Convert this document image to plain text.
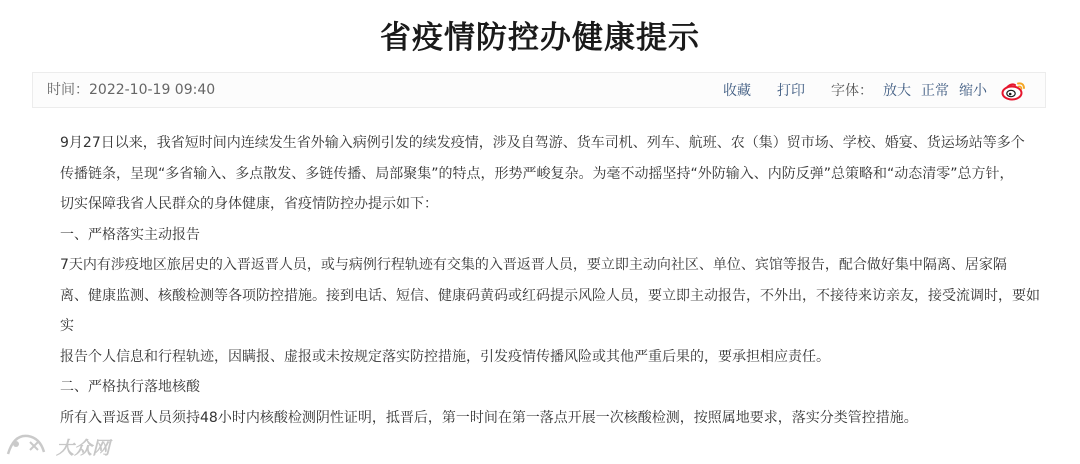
省疫情防控办健康提示
时间：2022-10-19 09:40	收藏 打印 字体： 放大 正常 缩小

9月27日以来，我省短时间内连续发生省外输入病例引发的续发疫情，涉及自驾游、货车司机、列车、航班、农（集）贸市场、学校、婚宴、货运场站等多个

传播链条，呈现“多省输入、多点散发、多链传播、局部聚集”的特点，形势严峻复杂。为毫不动摇坚持“外防输入、内防反弹”总策略和“动态清零”总方针，

切实保障我省人民群众的身体健康，省疫情防控办提示如下：

一、严格落实主动报告

7天内有涉疫地区旅居史的入晋返晋人员，或与病例行程轨迹有交集的入晋返晋人员，要立即主动向社区、单位、宾馆等报告，配合做好集中隔离、居家隔

离、健康监测、核酸检测等各项防控措施。接到电话、短信、健康码黄码或红码提示风险人员，要立即主动报告，不外出，不接待来访亲友，接受流调时，要如实

报告个人信息和行程轨迹，因瞒报、虚报或未按规定落实防控措施，引发疫情传播风险或其他严重后果的，要承担相应责任。

二、严格执行落地核酸

所有入晋返晋人员须持48小时内核酸检测阴性证明，抵晋后，第一时间在第一落点开展一次核酸检测，按照属地要求，落实分类管控措施。

大众网
